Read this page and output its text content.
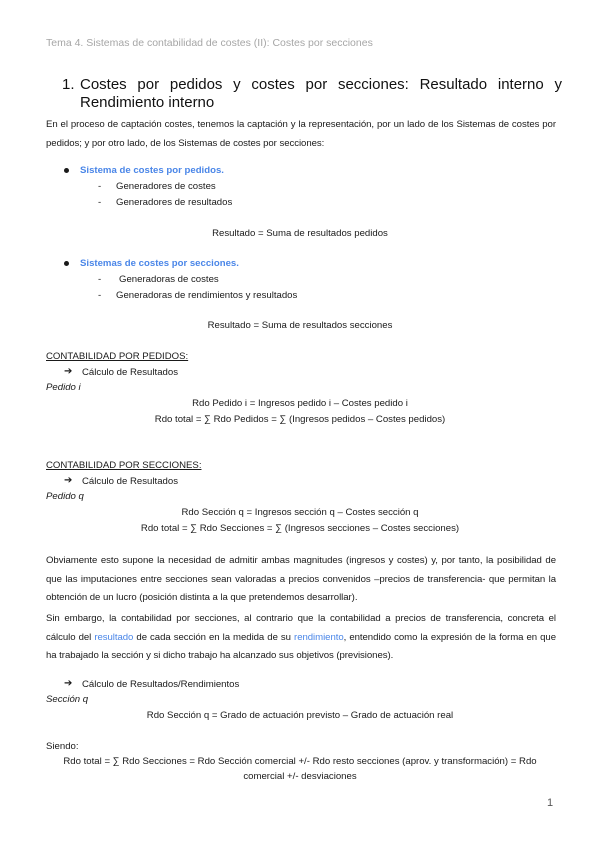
Tema 4. Sistemas de contabilidad de costes (II): Costes por secciones
1. Costes por pedidos y costes por secciones: Resultado interno y Rendimiento interno
En el proceso de captación costes, tenemos la captación y la representación, por un lado de los Sistemas de costes por pedidos; y por otro lado, de los Sistemas de costes por secciones:
Sistema de costes por pedidos.
- Generadores de costes
- Generadores de resultados
Resultado = Suma de resultados pedidos
Sistemas de costes por secciones.
- Generadoras de costes
- Generadoras de rendimientos y resultados
Resultado = Suma de resultados secciones
CONTABILIDAD POR PEDIDOS:
➔ Cálculo de Resultados
Pedido i
Rdo Pedido i = Ingresos pedido i – Costes pedido i
Rdo total = ∑ Rdo Pedidos = ∑ (Ingresos pedidos – Costes pedidos)
CONTABILIDAD POR SECCIONES:
➔ Cálculo de Resultados
Pedido q
Rdo Sección q = Ingresos sección q – Costes sección q
Rdo total = ∑ Rdo Secciones = ∑ (Ingresos secciones – Costes secciones)
Obviamente esto supone la necesidad de admitir ambas magnitudes (ingresos y costes) y, por tanto, la posibilidad de que las imputaciones entre secciones sean valoradas a precios convenidos –precios de transferencia- que permitan la obtención de un lucro (posición distinta a la que pretendemos desarrollar).
Sin embargo, la contabilidad por secciones, al contrario que la contabilidad a precios de transferencia, concreta el cálculo del resultado de cada sección en la medida de su rendimiento, entendido como la expresión de la forma en que ha trabajado la sección y si dicho trabajo ha alcanzado sus objetivos (previsiones).
➔ Cálculo de Resultados/Rendimientos
Sección q
Rdo Sección q = Grado de actuación previsto – Grado de actuación real
Siendo:
Rdo total = ∑ Rdo Secciones = Rdo Sección comercial +/- Rdo resto secciones (aprov. y transformación) = Rdo
comercial +/- desviaciones
1
